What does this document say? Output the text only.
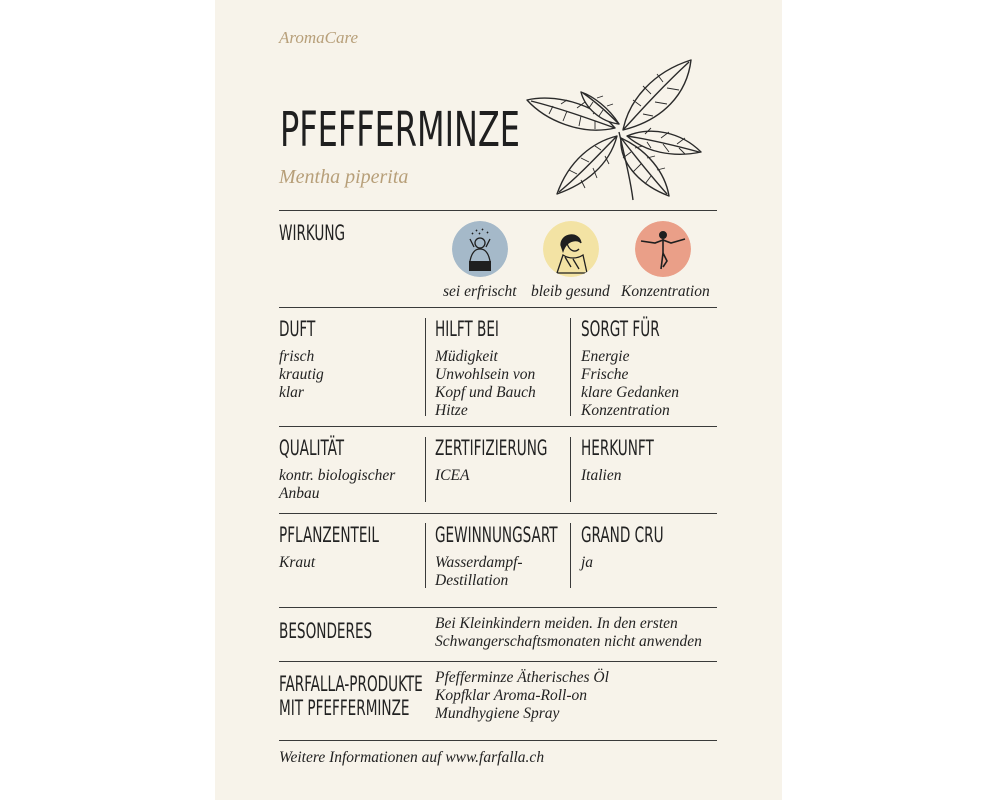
AromaCare
PFEFFERMINZE
Mentha piperita
WIRKUNG
sei erfrischt bleib gesund Konzentration
DUFT
frisch
krautig
klar
HILFT BEI
Müdigkeit
Unwohlsein von
Kopf und Bauch
Hitze
SORGT FÜR
Energie
Frische
klare Gedanken
Konzentration
QUALITÄT
kontr. biologischer
Anbau
ZERTIFIZIERUNG
ICEA
HERKUNFT
Italien
PFLANZENTEIL
Kraut
GEWINNUNGSART
Wasserdampf-
Destillation
GRAND CRU
ja
BESONDERES	Bei Kleinkindern meiden. In den ersten
Schwangerschaftsmonaten nicht anwenden
FARFALLA-PRODUKTE
MIT PFEFFERMINZE
Pfefferminze Ätherisches Öl
Kopfklar Aroma-Roll-on
Mundhygiene Spray
Weitere Informationen auf www.farfalla.ch
